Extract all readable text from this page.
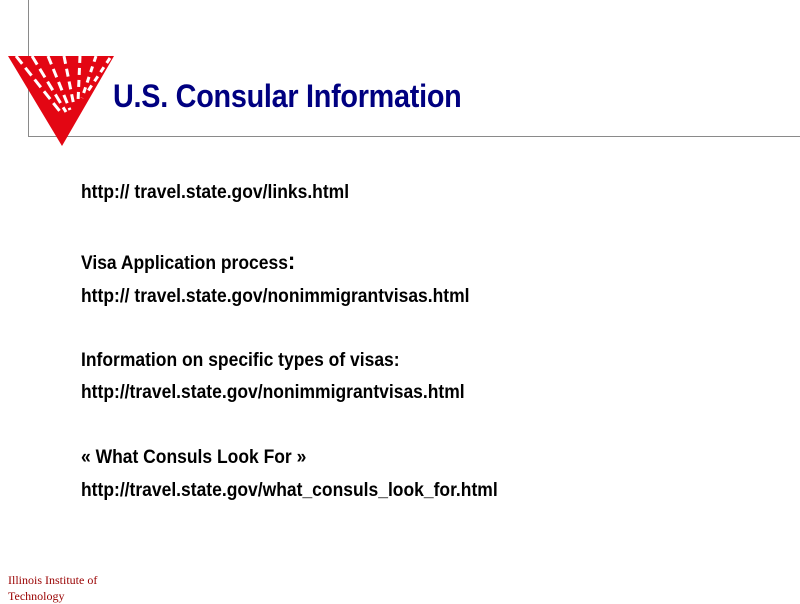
U.S. Consular Information

http:// travel.state.gov/links.html

Visa Application process:

http:// travel.state.gov/nonimmigrantvisas.html

Information on specific types of visas:

http://travel.state.gov/nonimmigrantvisas.html

« What Consuls Look For »

http://travel.state.gov/what_consuls_look_for.html

Illinois Institute of Technology
